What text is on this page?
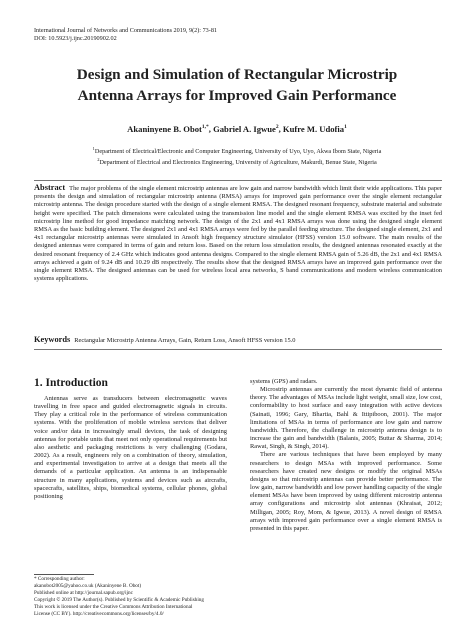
International Journal of Networks and Communications 2019, 9(2): 73-81
DOI: 10.5923/j.ijnc.20190902.02
Design and Simulation of Rectangular Microstrip
Antenna Arrays for Improved Gain Performance
Akaninyene B. Obot$^{1,*}$, Gabriel A. Igwue$^2$, Kufre M. Udofia$^1$
$^1$Department of Electrical/Electronic and Computer Engineering, University of Uyo, Uyo, Akwa Ibom State, Nigeria
$^2$Department of Electrical and Electronics Engineering, University of Agriculture, Makurdi, Benue State, Nigeria
Abstract The major problems of the single element microstrip antennas are low gain and narrow bandwidth which limit their wide applications. This paper presents the design and simulation of rectangular microstrip antenna (RMSA) arrays for improved gain performance over the single element rectangular microstrip antenna. The design procedure started with the design of a single element RMSA. The designed resonant frequency, substrate material and substrate height were specified. The patch dimensions were calculated using the transmission line model and the single element RMSA was excited by the inset fed microstrip line method for good impedance matching network. The design of the 2x1 and 4x1 RMSA arrays was done using the designed single element RMSA as the basic building element. The designed 2x1 and 4x1 RMSA arrays were fed by the parallel feeding structure. The designed single element, 2x1 and 4x1 rectangular microstrip antennas were simulated in Ansoft high frequency structure simulator (HFSS) version 15.0 software. The main results of the designed antennas were compared in terms of gain and return loss. Based on the return loss simulation results, the designed antennas resonated exactly at the desired resonant frequency of 2.4 GHz which indicates good antenna designs. Compared to the single element RMSA gain of 5.26 dB, the 2x1 and 4x1 RMSA arrays achieved a gain of 9.24 dB and 10.29 dB respectively. The results show that the designed RMSA arrays have an improved gain performance over the single element RMSA. The designed antennas can be used for wireless local area networks, S band communications and modern wireless communication systems applications.
Keywords Rectangular Microstrip Antenna Arrays, Gain, Return Loss, Ansoft HFSS version 15.0
1. Introduction

Antennas serve as transducers between electromagnetic waves travelling in free space and guided electromagnetic signals in circuits. They play a critical role in the performance of wireless communication systems. With the proliferation of mobile wireless services that deliver voice and/or data in increasingly small devices, the task of designing antennas for portable units that meet not only operational requirements but also aesthetic and packaging restrictions is very challenging (Godara, 2002). As a result, engineers rely on a combination of theory, simulation, and experimental investigation to arrive at a design that meets all the demands of a particular application. An antenna is an indispensable structure in many applications, systems and devices such as aircrafts, spacecrafts, satellites, ships, biomedical systems, cellular phones, global positioning

systems (GPS) and radars.

Microstrip antennas are currently the most dynamic field of antenna theory. The advantages of MSAs include light weight, small size, low cost, conformability to host surface and easy integration with active devices (Sainati, 1996; Gary, Bhartia, Bahl & Ittipiboon, 2001). The major limitations of MSAs in terms of performance are low gain and narrow bandwidth. Therefore, the challenge in microstrip antenna design is to increase the gain and bandwidth (Balanis, 2005; Buttar & Sharma, 2014; Rawat, Singh, & Singh, 2014).

There are various techniques that have been employed by many researchers to design MSAs with improved performance. Some researchers have created new designs or modify the original MSAs designs so that microstrip antennas can provide better performance. The low gain, narrow bandwidth and low power handling capacity of the single element MSAs have been improved by using different microstrip antenna array configurations and microstrip slot antennas (Khraisat, 2012; Milligan, 2005; Roy, Mom, & Igwue, 2013). A novel design of RMSA arrays with improved gain performance over a single element RMSA is presented in this paper.

* Corresponding author:
akanobot2005@yahoo.co.uk (Akaninyene B. Obot)
Published online at http://journal.sapub.org/ijnc
Copyright © 2019 The Author(s). Published by Scientific & Academic Publishing
This work is licensed under the Creative Commons Attribution International
License (CC BY). http://creativecommons.org/licenses/by/4.0/
